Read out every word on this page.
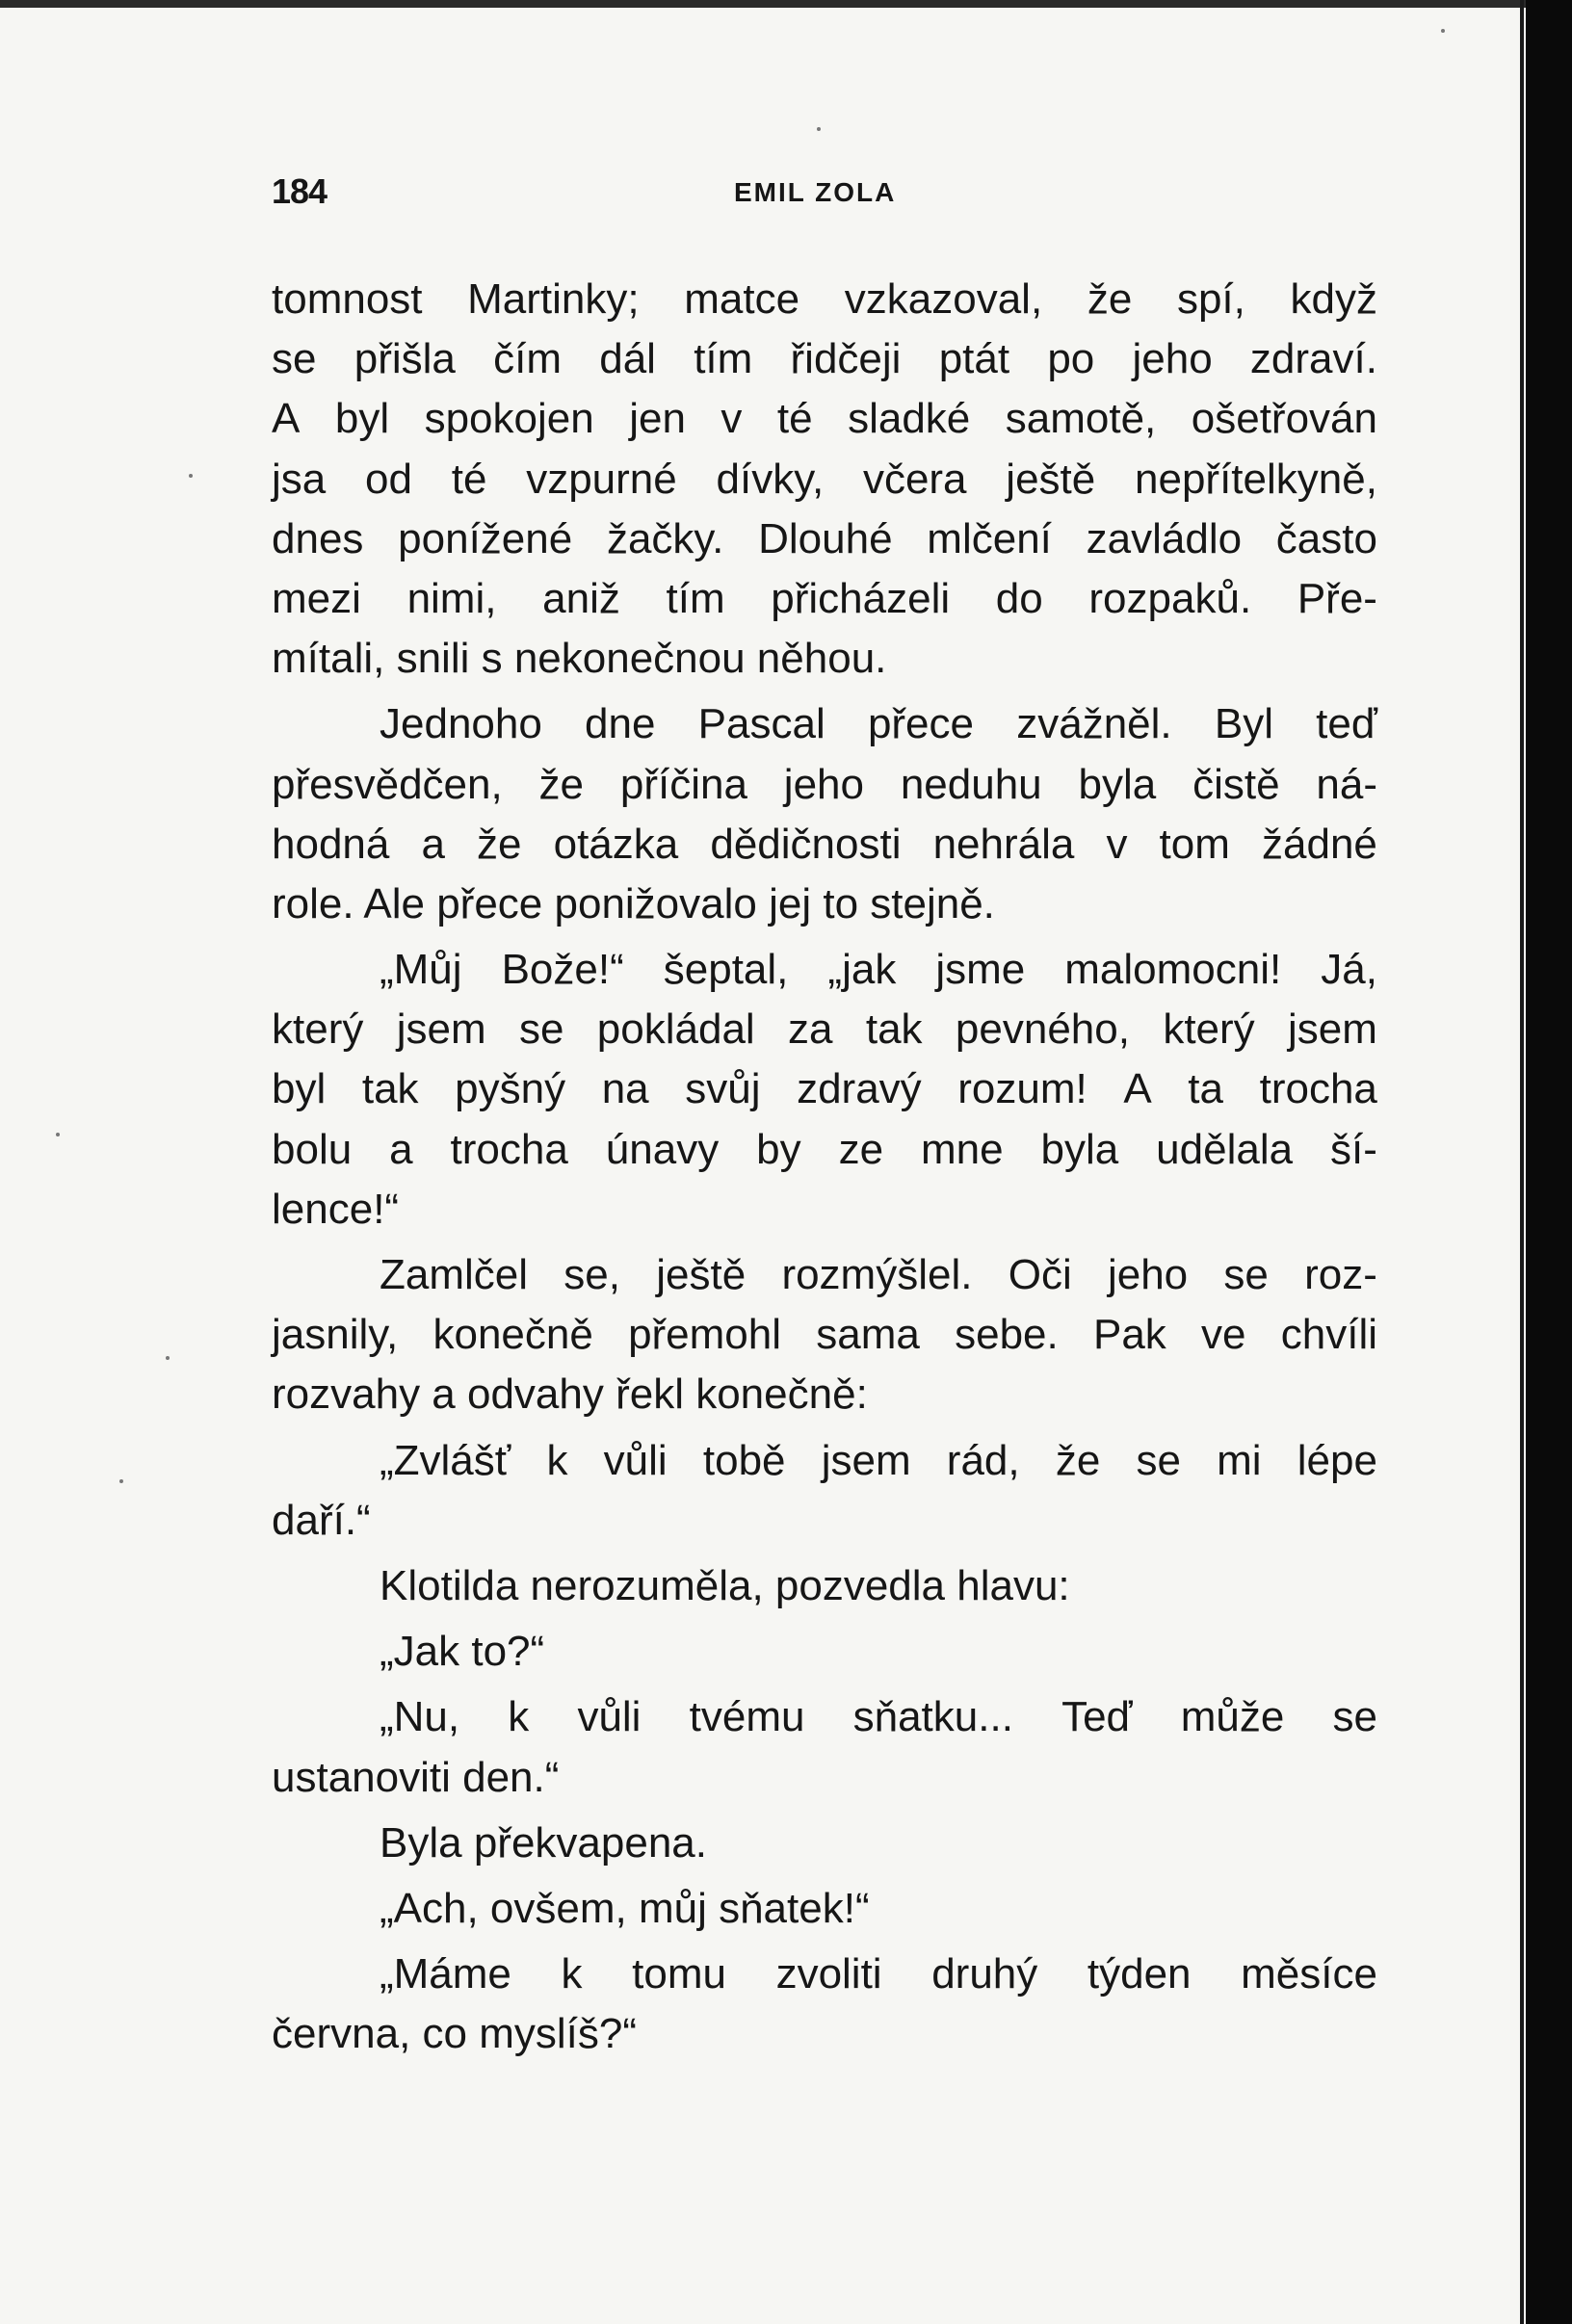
184	EMIL ZOLA
tomnost Martinky; matce vzkazoval, že spí, když
se přišla čím dál tím řidčeji ptát po jeho zdraví.
A byl spokojen jen v té sladké samotě, ošetřován
jsa od té vzpurné dívky, včera ještě nepřítelkyně,
dnes ponížené žačky. Dlouhé mlčení zavládlo často
mezi nimi, aniž tím přicházeli do rozpaků. Pře-
mítali, snili s nekonečnou něhou.
Jednoho dne Pascal přece zvážněl. Byl teď
přesvědčen, že příčina jeho neduhu byla čistě ná-
hodná a že otázka dědičnosti nehrála v tom žádné
role. Ale přece ponižovalo jej to stejně.
„Můj Bože!“ šeptal, „jak jsme malomocni! Já,
který jsem se pokládal za tak pevného, který jsem
byl tak pyšný na svůj zdravý rozum! A ta trocha
bolu a trocha únavy by ze mne byla udělala ší-
lence!“
Zamlčel se, ještě rozmýšlel. Oči jeho se roz-
jasnily, konečně přemohl sama sebe. Pak ve chvíli
rozvahy a odvahy řekl konečně:
„Zvlášť k vůli tobě jsem rád, že se mi lépe
daří.“
Klotilda nerozuměla, pozvedla hlavu:
„Jak to?“
„Nu, k vůli tvému sňatku... Teď může se
ustanoviti den.“
Byla překvapena.
„Ach, ovšem, můj sňatek!“
„Máme k tomu zvoliti druhý týden měsíce
června, co myslíš?“
